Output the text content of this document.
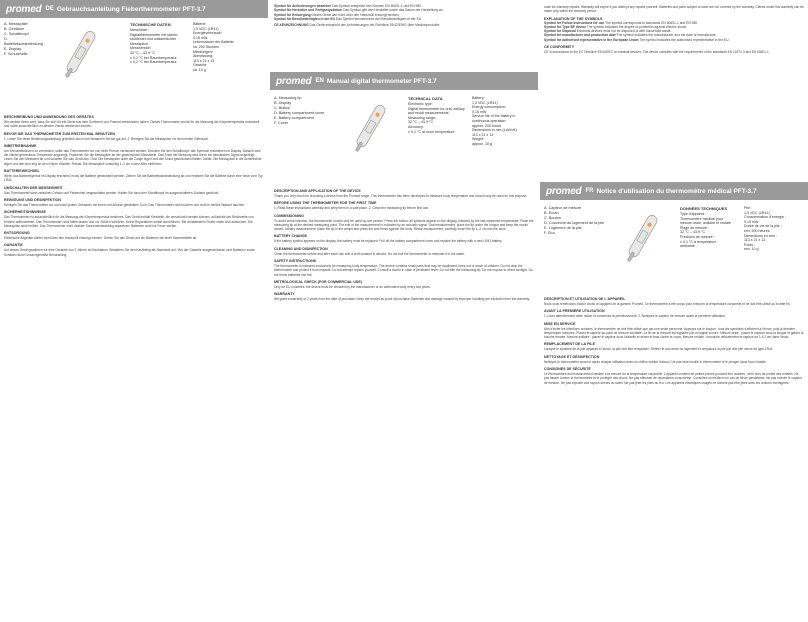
promed DE Gebrauchsanleitung Fieberthermometer PFT-3.7
A. Messspitze
B. Gehäuse
C. Schaltknopf
D. Batteriefachabdeckung
E. Display
F. Schutzhülle
TECHNISCHE DATEN
Messfühler:
Digitalthermometer mit starrer,
stoßfester und wasserdichter
Messspitze
Messbereich:
32 °C – 43,9 °C
± 0,1 °C bei Raumtemperatur
± 0,2 °C bei Raumtemperatur
Batterie:
1,5 VDC (LR41)
Energieverbrauch:
0,15 mW
Lebensdauer der Batterie:
ca. 200 Stunden
Messungen/
Abmessung:
113 x 21 x 13
Gewicht:
ca. 10 g
BESCHREIBUNG UND ANWENDUNG DES GERÄTES
Wir danken Ihnen sehr, dass Sie sich für ein Gerät aus dem Sortiment von Promed entschieden haben. Dieses Thermometer wurde für die Messung der Körpertemperatur entwickelt und sollte ausschließlich zu diesem Zweck verwendet werden.
BEVOR SIE DAS THERMOMETER ZUM ERSTEN MAL BENUTZEN
1. Lesen Sie diese Bedienungsanleitung gründlich durch und bewahren Sie sie gut auf. 2. Reinigen Sie die Messspitze vor dem ersten Gebrauch.
INBETRIEBNAHME
Um Kreuzinfektionen zu vermeiden, sollte das Thermometer nur von einer Person verwendet werden. Drücken Sie den Schaltknopf; alle Symbole erscheinen im Display. Danach wird die zuletzt gemessene Temperatur angezeigt. Platzieren Sie die Messspitze an der gewünschten Messstelle. Das Ende der Messung wird durch ein akustisches Signal angezeigt. Lesen Sie den Messwert ab und schalten Sie das Gerät aus. Oral: Die Messspitze unter die Zunge legen und den Mund geschlossen halten. Axillar: Die Messspitze in die Achselhöhle legen und den Arm eng an den Körper drücken. Rektal: Die Messspitze vorsichtig 1–2 cm in den After einführen.
BATTERIEWECHSEL
Wenn das Batteriesymbol im Display erscheint, muss die Batterie gewechselt werden. Ziehen Sie die Batteriefachabdeckung ab und ersetzen Sie die Batterie durch eine neue vom Typ LR41.
UMSCHALTEN DER MESSEINHEIT
Das Thermometer kann zwischen Celsius und Fahrenheit umgeschaltet werden. Halten Sie dazu den Schaltknopf im ausgeschalteten Zustand gedrückt.
REINIGUNG UND DESINFEKTION
Reinigen Sie das Thermometer vor und nach jedem Gebrauch mit einem mit Alkohol getränkten Tuch. Das Thermometer nicht kochen und nicht in heißes Wasser tauchen.
SICHERHEITSHINWEISE
Das Thermometer ist ausschließlich für die Messung der Körpertemperatur bestimmt. Das Gerät enthält Kleinteile, die verschluckt werden können; außerhalb der Reichweite von Kindern aufbewahren. Das Thermometer nicht fallen lassen und vor Stößen schützen. Keine Reparaturen selbst durchführen. Bei anhaltendem Fieber einen Arzt aufsuchen. Die Messspitze nicht beißen. Das Thermometer nicht direkter Sonneneinstrahlung aussetzen. Batterien nicht ins Feuer werfen.
ENTSORGUNG
Elektrische Altgeräte dürfen nicht über den Hausmüll entsorgt werden. Geben Sie das Gerät und die Batterien bei einer Sammelstelle ab.
GARANTIE
Auf dieses Gerät gewähren wir eine Garantie von 2 Jahren ab Kaufdatum. Bewahren Sie den Kaufbeleg als Nachweis auf. Von der Garantie ausgeschlossen sind Batterien sowie Schäden durch unsachgemäße Behandlung.
Symbol für Anforderungen beachten Das Symbol entspricht den Normen EN 60601-1 und EN 980.
Symbol für Hersteller und Fertigungsdatum Das Symbol gibt den Hersteller sowie das Datum der Herstellung an.
Symbol für Entsorgung Dieses Gerät darf nicht über den Hausmüll entsorgt werden.
Symbol für Bevollmächtigten in der EU Das Symbol kennzeichnet den Bevollmächtigten in der EU.
CE-KENNZEICHNUNG Das Gerät entspricht den Anforderungen der Richtlinie 93/42/EWG über Medizinprodukte.
promed EN Manual digital thermometer PFT-3.7
A. Measuring tip
B. Display
C. Button
D. Battery compartment cover
E. Battery compartment
F. Cover
TECHNICAL DATA
Electronic type:
Digital thermometer for oral, axillary
and rectal measurements
Measuring range:
32 °C – 43,9 °C
Accuracy:
± 0,1 °C at room temperature
Battery:
1,5 VDC (LR41)
Energy consumption:
0,15 mW
Service life of the battery in
continuous operation:
approx. 200 hours
Dimensions in mm (LxWxH):
113 x 21 x 13
Weight:
approx. 10 g
DESCRIPTION AND APPLICATION OF THE DEVICE
Thank you very much for choosing a device from the Promed range. This thermometer has been developed to measure body temperature and should only be used for this purpose.
BEFORE USING THE THERMOMETER FOR THE FIRST TIME
1. Read these instructions carefully and keep them in a safe place. 2. Clean the measuring tip before first use.
COMMISSIONING
To avoid cross-infection, the thermometer should only be used by one person. Press the button; all symbols appear on the display, followed by the last measured temperature. Place the measuring tip at the desired measuring point. The end of the measurement is indicated by an acoustic signal. Oral measurement: place the tip under the tongue and keep the mouth closed. Axillary measurement: place the tip in the armpit and press the arm firmly against the body. Rectal measurement: carefully insert the tip 1–2 cm into the anus.
BATTERY CHANGE
If the battery symbol appears on the display, the battery must be replaced. Pull off the battery compartment cover and replace the battery with a new LR41 battery.
CLEANING AND DISINFECTION
Clean the thermometer before and after each use with a cloth soaked in alcohol. Do not boil the thermometer or immerse it in hot water.
SAFETY INSTRUCTIONS
The thermometer is intended exclusively for measuring body temperature. The device contains small parts that may be swallowed; keep out of reach of children. Do not drop the thermometer and protect it from impacts. Do not attempt repairs yourself. Consult a doctor in case of persistent fever. Do not bite the measuring tip. Do not expose to direct sunlight. Do not throw batteries into fire.
METROLOGICAL CHECK (FOR COMMERCIAL USE)
Only for EU countries: the device must be checked by the manufacturer or an authorised body every two years.
WARRANTY
We grant a warranty of 2 years from the date of purchase. Keep the receipt as proof of purchase. Batteries and damage caused by improper handling are excluded from the warranty.
code for warranty repairs. Warranty will expire if you attempt any repairs yourself. Batteries and parts subject to wear are not covered by the warranty. Claims under this warranty can be made only within the warranty period.
EXPLANATION OF THE SYMBOLS
Symbol for Follow instructions for use The symbol corresponds to standards EN 60601-1 and EN 980.
Symbol for Type BF device The symbol indicates the degree of protection against electric shock.
Symbol for Disposal Electrical devices must not be disposed of with household waste.
Symbol for manufacturer and production date The symbol indicates the manufacturer and the date of manufacture.
Symbol for authorised representative in the European Union The symbol indicates the authorised representative in the EU.
CE CONFORMITY
CE in accordance to the EC Directive 93/42/EEC on medical devices. The device complies with the requirements of the standards EN 12470-3 and EN 60601-1.
promed FR Notice d'utilisation du thermomètre médical PFT-3.7
A. Capteur de mesure
B. Écran
C. Bouton
D. Couvercle du logement de la pile
E. Logement de la pile
F. Etui
DONNÉES TECHNIQUES
Type d'appareil :
Thermomètre médical pour
mesure orale, axillaire et rectale
Plage de mesure :
32 °C – 43,9 °C
Précision de mesure :
± 0,1 °C à température
ambiante
Pile :
1,5 VDC (LR41)
Consommation d'énergie :
0,15 mW
Durée de vie de la pile :
env. 200 heures
Dimensions en mm :
113 x 21 x 13
Poids :
env. 10 g
DESCRIPTION ET UTILISATION DE L'APPAREIL
Nous vous remercions d'avoir choisi un appareil de la gamme Promed. Ce thermomètre a été conçu pour mesurer la température corporelle et ne doit être utilisé qu'à cette fin.
AVANT LA PREMIÈRE UTILISATION
1. Lisez attentivement cette notice et conservez-la précieusement. 2. Nettoyez le capteur de mesure avant la première utilisation.
MISE EN SERVICE
Afin d'éviter les infections croisées, le thermomètre ne doit être utilisé que par une seule personne. Appuyez sur le bouton ; tous les symboles s'affichent à l'écran, puis la dernière température mesurée. Placez le capteur au point de mesure souhaité. La fin de la mesure est signalée par un signal sonore. Mesure orale : placer le capteur sous la langue et garder la bouche fermée. Mesure axillaire : placer le capteur sous l'aisselle et serrer le bras contre le corps. Mesure rectale : introduire délicatement le capteur de 1 à 2 cm dans l'anus.
REMPLACEMENT DE LA PILE
Lorsque le symbole de la pile apparaît à l'écran, la pile doit être remplacée. Retirez le couvercle du logement et remplacez la pile par une pile neuve de type LR41.
NETTOYAGE ET DÉSINFECTION
Nettoyez le thermomètre avant et après chaque utilisation avec un chiffon imbibé d'alcool. Ne pas faire bouillir le thermomètre ni le plonger dans l'eau chaude.
CONSIGNES DE SÉCURITÉ
Le thermomètre est exclusivement destiné à la mesure de la température corporelle. L'appareil contient de petites pièces pouvant être avalées ; tenir hors de portée des enfants. Ne pas laisser tomber le thermomètre et le protéger des chocs. Ne pas effectuer de réparations vous-même. Consultez un médecin en cas de fièvre persistante. Ne pas mordre le capteur de mesure. Ne pas exposer aux rayons directs du soleil. Ne pas jeter les piles au feu. Les appareils électriques usagés ne doivent pas être jetés avec les ordures ménagères.
